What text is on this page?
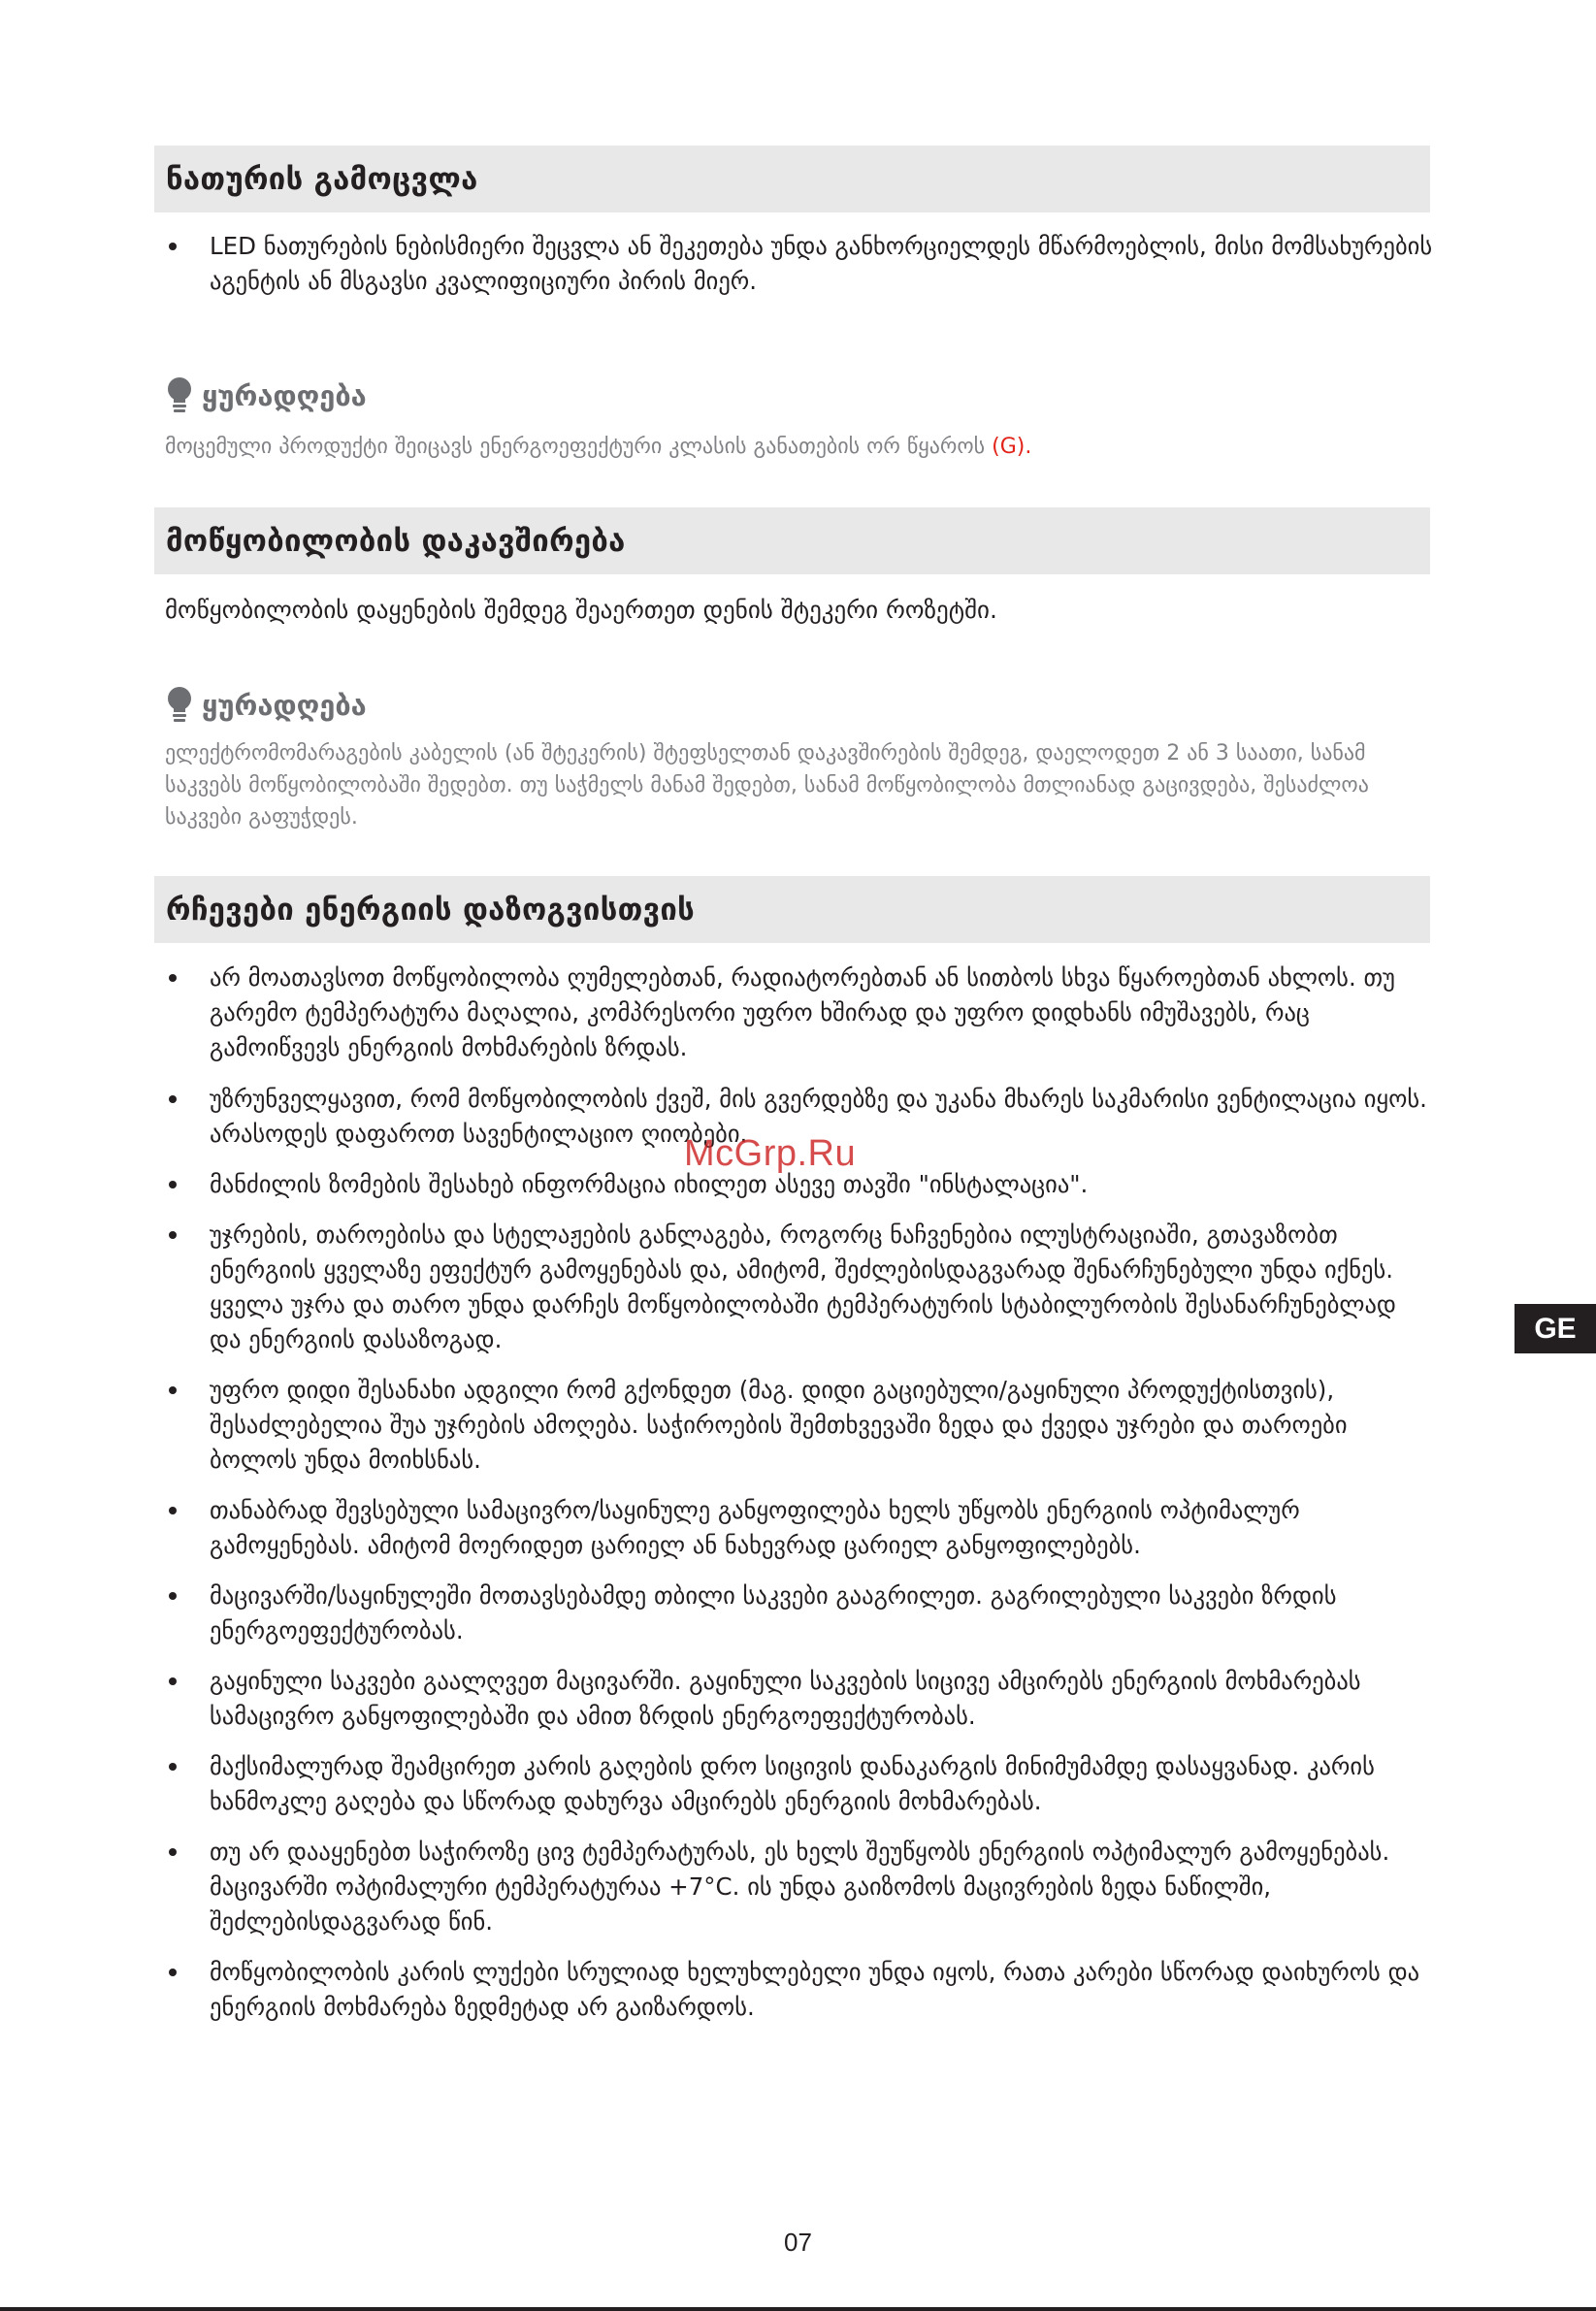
ნათურის გამოცვლა
LED ნათურების ნებისმიერი შეცვლა ან შეკეთება უნდა განხორციელდეს მწარმოებლის, მისი მომსახურების აგენტის ან მსგავსი კვალიფიციური პირის მიერ.
ყურადღება

მოცემული პროდუქტი შეიცავს ენერგოეფექტური კლასის განათების ორ წყაროს (G).

მოწყობილობის დაკავშირება

მოწყობილობის დაყენების შემდეგ შეაერთეთ დენის შტეკერი როზეტში.

ყურადღება

ელექტრომომარაგების კაბელის (ან შტეკერის) შტეფსელთან დაკავშირების შემდეგ, დაელოდეთ 2 ან 3 საათი, სანამ საკვებს მოწყობილობაში შედებთ. თუ საჭმელს მანამ შედებთ, სანამ მოწყობილობა მთლიანად გაცივდება, შესაძლოა საკვები გაფუჭდეს.

რჩევები ენერგიის დაზოგვისთვის
არ მოათავსოთ მოწყობილობა ღუმელებთან, რადიატორებთან ან სითბოს სხვა წყაროებთან ახლოს. თუ გარემო ტემპერატურა მაღალია, კომპრესორი უფრო ხშირად და უფრო დიდხანს იმუშავებს, რაც გამოიწვევს ენერგიის მოხმარების ზრდას.
უზრუნველყავით, რომ მოწყობილობის ქვეშ, მის გვერდებზე და უკანა მხარეს საკმარისი ვენტილაცია იყოს. არასოდეს დაფაროთ სავენტილაციო ღიობები.
მანძილის ზომების შესახებ ინფორმაცია იხილეთ ასევე თავში "ინსტალაცია".
უჯრების, თაროებისა და სტელაჟების განლაგება, როგორც ნაჩვენებია ილუსტრაციაში, გთავაზობთ ენერგიის ყველაზე ეფექტურ გამოყენებას და, ამიტომ, შეძლებისდაგვარად შენარჩუნებული უნდა იქნეს. ყველა უჯრა და თარო უნდა დარჩეს მოწყობილობაში ტემპერატურის სტაბილურობის შესანარჩუნებლად და ენერგიის დასაზოგად.
უფრო დიდი შესანახი ადგილი რომ გქონდეთ (მაგ. დიდი გაციებული/გაყინული პროდუქტისთვის), შესაძლებელია შუა უჯრების ამოღება. საჭიროების შემთხვევაში ზედა და ქვედა უჯრები და თაროები ბოლოს უნდა მოიხსნას.
თანაბრად შევსებული სამაცივრო/საყინულე განყოფილება ხელს უწყობს ენერგიის ოპტიმალურ გამოყენებას. ამიტომ მოერიდეთ ცარიელ ან ნახევრად ცარიელ განყოფილებებს.
მაცივარში/საყინულეში მოთავსებამდე თბილი საკვები გააგრილეთ. გაგრილებული საკვები ზრდის ენერგოეფექტურობას.
გაყინული საკვები გაალღვეთ მაცივარში. გაყინული საკვების სიცივე ამცირებს ენერგიის მოხმარებას სამაცივრო განყოფილებაში და ამით ზრდის ენერგოეფექტურობას.
მაქსიმალურად შეამცირეთ კარის გაღების დრო სიცივის დანაკარგის მინიმუმამდე დასაყვანად. კარის ხანმოკლე გაღება და სწორად დახურვა ამცირებს ენერგიის მოხმარებას.
თუ არ დააყენებთ საჭიროზე ცივ ტემპერატურას, ეს ხელს შეუწყობს ენერგიის ოპტიმალურ გამოყენებას. მაცივარში ოპტიმალური ტემპერატურაა +7°C. ის უნდა გაიზომოს მაცივრების ზედა ნაწილში, შეძლებისდაგვარად წინ.
მოწყობილობის კარის ლუქები სრულიად ხელუხლებელი უნდა იყოს, რათა კარები სწორად დაიხუროს და ენერგიის მოხმარება ზედმეტად არ გაიზარდოს.
McGrp.Ru
GE
07
